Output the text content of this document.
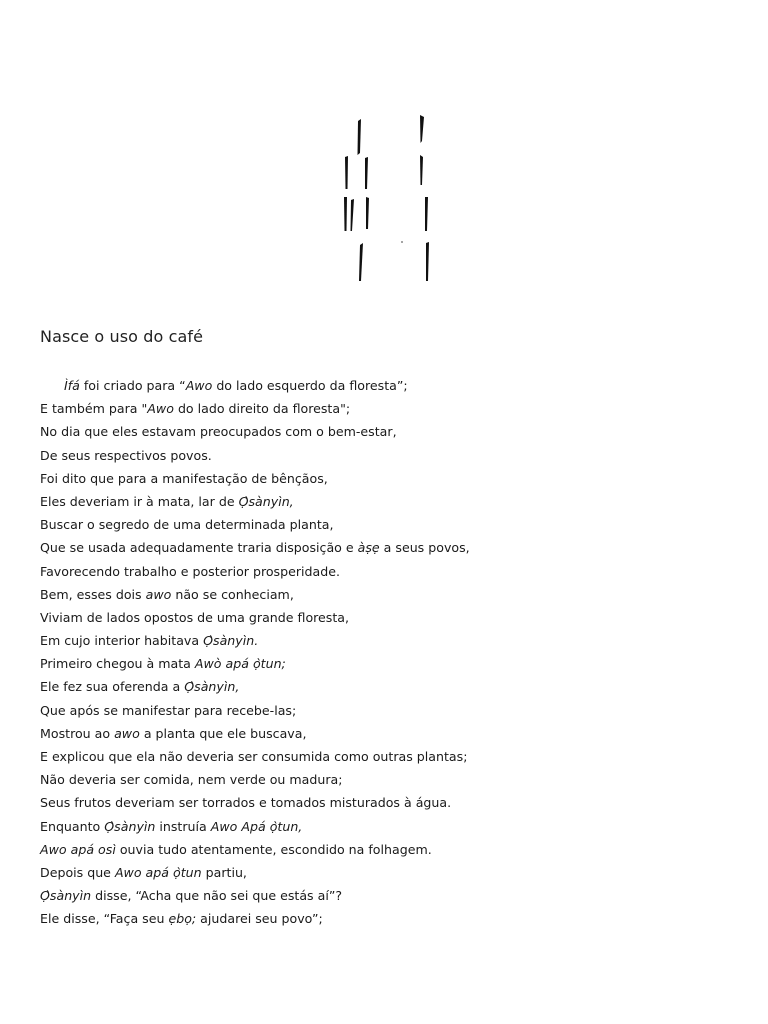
Nasce o uso do café
Ìfá foi criado para “Awo do lado esquerdo da floresta”;
E também para "Awo do lado direito da floresta";
No dia que eles estavam preocupados com o bem-estar,
De seus respectivos povos.
Foi dito que para a manifestação de bênçãos,
Eles deveriam ir à mata, lar de Ọ̀sànyìn,
Buscar o segredo de uma determinada planta,
Que se usada adequadamente traria disposição e àṣẹ a seus povos,
Favorecendo trabalho e posterior prosperidade.
Bem, esses dois awo não se conheciam,
Viviam de lados opostos de uma grande floresta,
Em cujo interior habitava Ọ̀sànyìn.
Primeiro chegou à mata Awò apá ọ̀tun;
Ele fez sua oferenda a Ọ̀sànyìn,
Que após se manifestar para recebe-las;
Mostrou ao awo a planta que ele buscava,
E explicou que ela não deveria ser consumida como outras plantas;
Não deveria ser comida, nem verde ou madura;
Seus frutos deveriam ser torrados e tomados misturados à água.
Enquanto Ọ̀sànyìn instruía Awo Apá ọ̀tun,
Awo apá osì ouvia tudo atentamente, escondido na folhagem.
Depois que Awo apá ọ̀tun partiu,
Ọ̀sànyìn disse, “Acha que não sei que estás aí”?
Ele disse, “Faça seu ẹbọ; ajudarei seu povo”;
